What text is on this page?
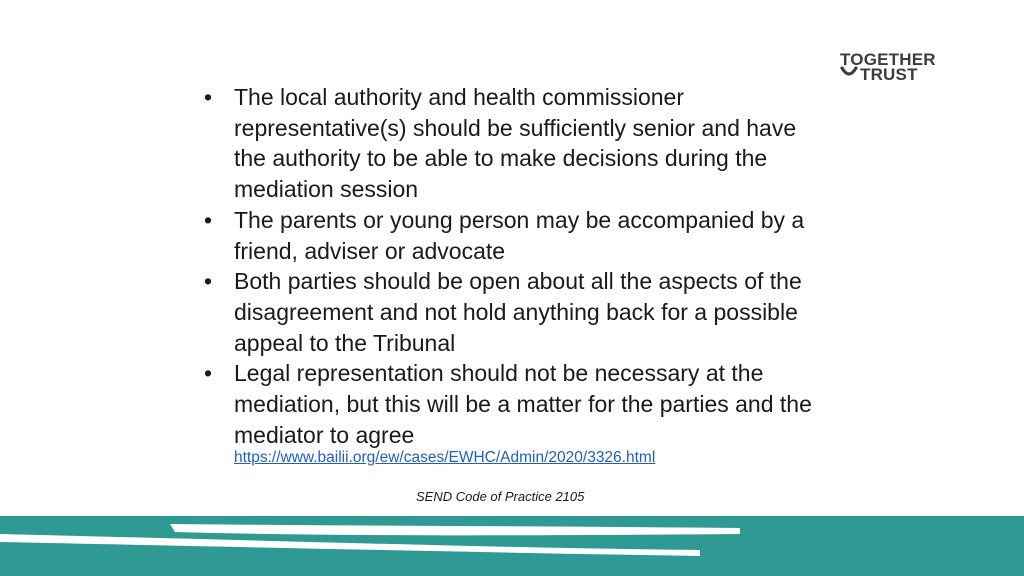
TOGETHER
TRUST
• The local authority and health commissioner representative(s) should be sufficiently senior and have the authority to be able to make decisions during the mediation session
• The parents or young person may be accompanied by a friend, adviser or advocate
• Both parties should be open about all the aspects of the disagreement and not hold anything back for a possible appeal to the Tribunal
• Legal representation should not be necessary at the mediation, but this will be a matter for the parties and the mediator to agree
https://www.bailii.org/ew/cases/EWHC/Admin/2020/3326.html
SEND Code of Practice 2105
